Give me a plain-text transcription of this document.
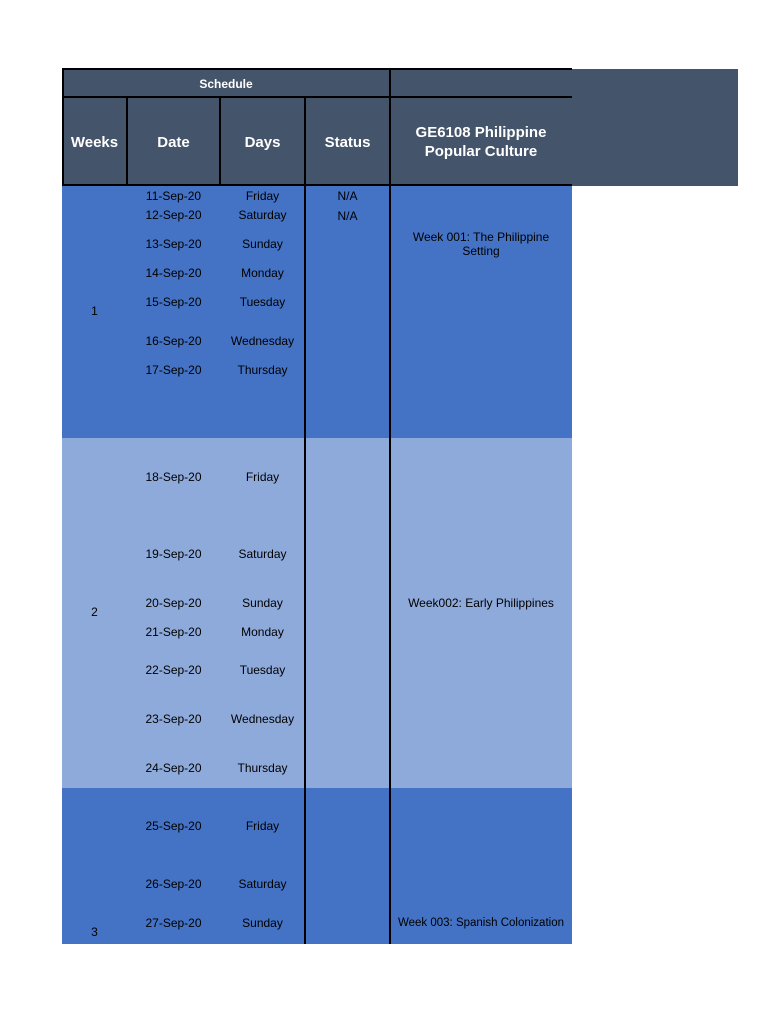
Schedule
Weeks	Date	Days	Status
GE6108 Philippine Popular Culture
1
Week 001: The Philippine Setting
11-Sep-20	Friday	N/A
12-Sep-20	Saturday	N/A
13-Sep-20	Sunday
14-Sep-20	Monday
15-Sep-20	Tuesday
16-Sep-20	Wednesday
17-Sep-20	Thursday
2
Week002: Early Philippines
18-Sep-20	Friday
19-Sep-20	Saturday
20-Sep-20	Sunday
21-Sep-20	Monday
22-Sep-20	Tuesday
23-Sep-20	Wednesday
24-Sep-20	Thursday
3
Week 003: Spanish Colonization
25-Sep-20	Friday
26-Sep-20	Saturday
27-Sep-20	Sunday
